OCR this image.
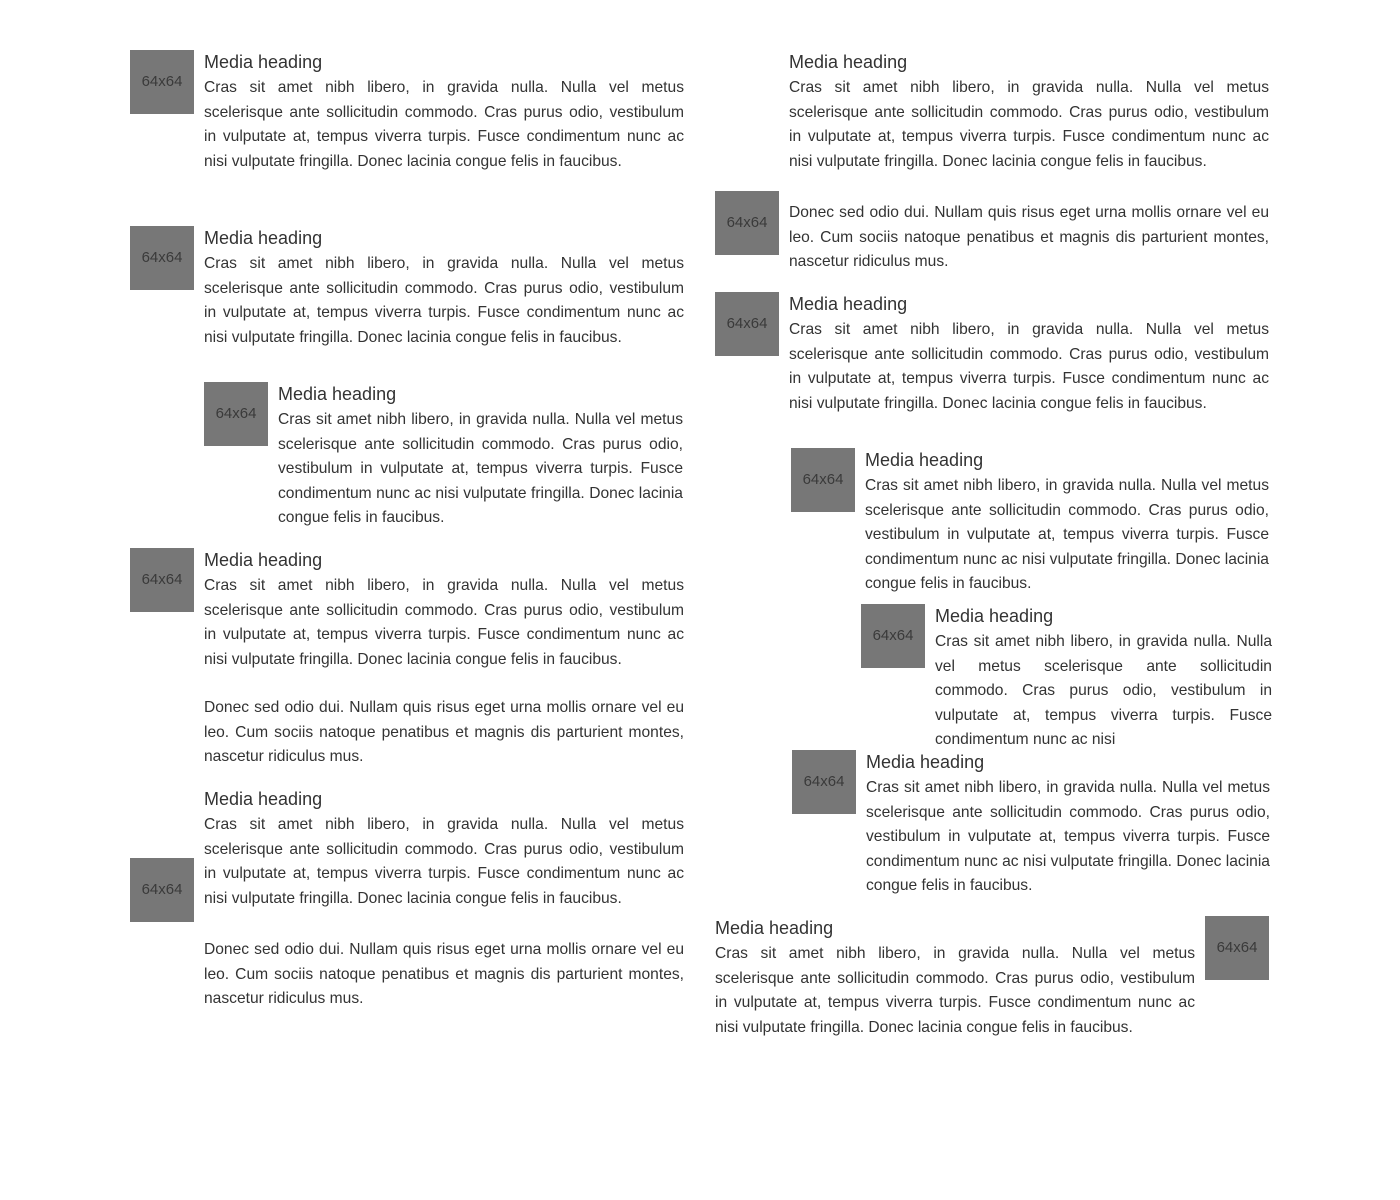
64x64
Media heading

Cras sit amet nibh libero, in gravida nulla. Nulla vel metus scelerisque ante sollicitudin commodo. Cras purus odio, vestibulum in vulputate at, tempus viverra turpis. Fusce condimentum nunc ac nisi vulputate fringilla. Donec lacinia congue felis in faucibus.

64x64
Media heading

Cras sit amet nibh libero, in gravida nulla. Nulla vel metus scelerisque ante sollicitudin commodo. Cras purus odio, vestibulum in vulputate at, tempus viverra turpis. Fusce condimentum nunc ac nisi vulputate fringilla. Donec lacinia congue felis in faucibus.

64x64
Media heading

Cras sit amet nibh libero, in gravida nulla. Nulla vel metus scelerisque ante sollicitudin commodo. Cras purus odio, vestibulum in vulputate at, tempus viverra turpis. Fusce condimentum nunc ac nisi vulputate fringilla. Donec lacinia congue felis in faucibus.

64x64
Media heading

Cras sit amet nibh libero, in gravida nulla. Nulla vel metus scelerisque ante sollicitudin commodo. Cras purus odio, vestibulum in vulputate at, tempus viverra turpis. Fusce condimentum nunc ac nisi vulputate fringilla. Donec lacinia congue felis in faucibus.

Donec sed odio dui. Nullam quis risus eget urna mollis ornare vel eu leo. Cum sociis natoque penatibus et magnis dis parturient montes, nascetur ridiculus mus.

Media heading

Cras sit amet nibh libero, in gravida nulla. Nulla vel metus scelerisque ante sollicitudin commodo. Cras purus odio, vestibulum in vulputate at, tempus viverra turpis. Fusce condimentum nunc ac nisi vulputate fringilla. Donec lacinia congue felis in faucibus.

Donec sed odio dui. Nullam quis risus eget urna mollis ornare vel eu leo. Cum sociis natoque penatibus et magnis dis parturient montes, nascetur ridiculus mus.

64x64
Media heading

Cras sit amet nibh libero, in gravida nulla. Nulla vel metus scelerisque ante sollicitudin commodo. Cras purus odio, vestibulum in vulputate at, tempus viverra turpis. Fusce condimentum nunc ac nisi vulputate fringilla. Donec lacinia congue felis in faucibus.

Donec sed odio dui. Nullam quis risus eget urna mollis ornare vel eu leo. Cum sociis natoque penatibus et magnis dis parturient montes, nascetur ridiculus mus.

64x64
64x64
Media heading

Cras sit amet nibh libero, in gravida nulla. Nulla vel metus scelerisque ante sollicitudin commodo. Cras purus odio, vestibulum in vulputate at, tempus viverra turpis. Fusce condimentum nunc ac nisi vulputate fringilla. Donec lacinia congue felis in faucibus.

64x64
Media heading

Cras sit amet nibh libero, in gravida nulla. Nulla vel metus scelerisque ante sollicitudin commodo. Cras purus odio, vestibulum in vulputate at, tempus viverra turpis. Fusce condimentum nunc ac nisi vulputate fringilla. Donec lacinia congue felis in faucibus.

64x64
Media heading

Cras sit amet nibh libero, in gravida nulla. Nulla vel metus scelerisque ante sollicitudin commodo. Cras purus odio, vestibulum in vulputate at, tempus viverra turpis. Fusce condimentum nunc ac nisi

64x64
Media heading

Cras sit amet nibh libero, in gravida nulla. Nulla vel metus scelerisque ante sollicitudin commodo. Cras purus odio, vestibulum in vulputate at, tempus viverra turpis. Fusce condimentum nunc ac nisi vulputate fringilla. Donec lacinia congue felis in faucibus.

Media heading

Cras sit amet nibh libero, in gravida nulla. Nulla vel metus scelerisque ante sollicitudin commodo. Cras purus odio, vestibulum in vulputate at, tempus viverra turpis. Fusce condimentum nunc ac nisi vulputate fringilla. Donec lacinia congue felis in faucibus.

64x64
